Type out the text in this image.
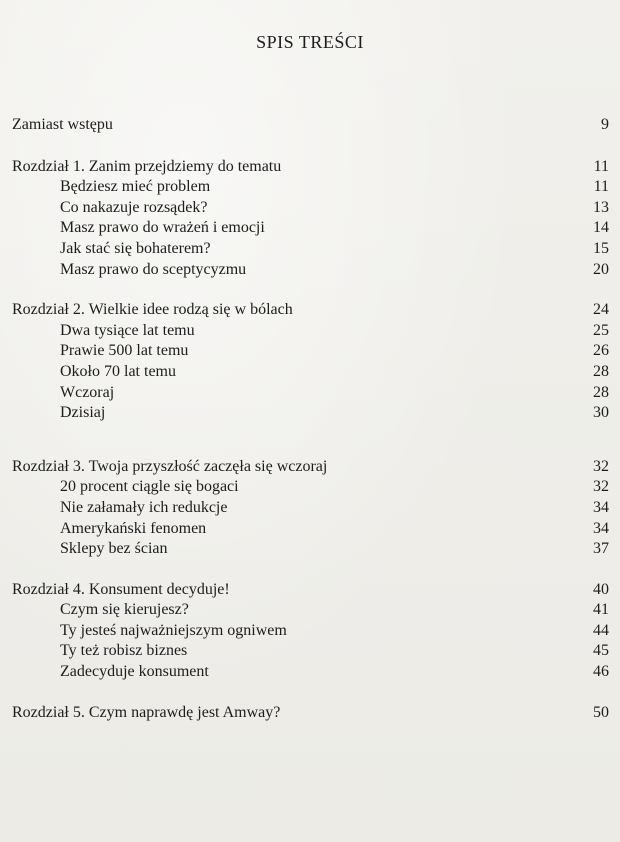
SPIS TREŚCI
Zamiast wstępu	9
Rozdział 1. Zanim przejdziemy do tematu	11
Będziesz mieć problem	11
Co nakazuje rozsądek?	13
Masz prawo do wrażeń i emocji	14
Jak stać się bohaterem?	15
Masz prawo do sceptycyzmu	20
Rozdział 2. Wielkie idee rodzą się w bólach	24
Dwa tysiące lat temu	25
Prawie 500 lat temu	26
Około 70 lat temu	28
Wczoraj	28
Dzisiaj	30
Rozdział 3. Twoja przyszłość zaczęła się wczoraj	32
20 procent ciągle się bogaci	32
Nie załamały ich redukcje	34
Amerykański fenomen	34
Sklepy bez ścian	37
Rozdział 4. Konsument decyduje!	40
Czym się kierujesz?	41
Ty jesteś najważniejszym ogniwem	44
Ty też robisz biznes	45
Zadecyduje konsument	46
Rozdział 5. Czym naprawdę jest Amway?	50
